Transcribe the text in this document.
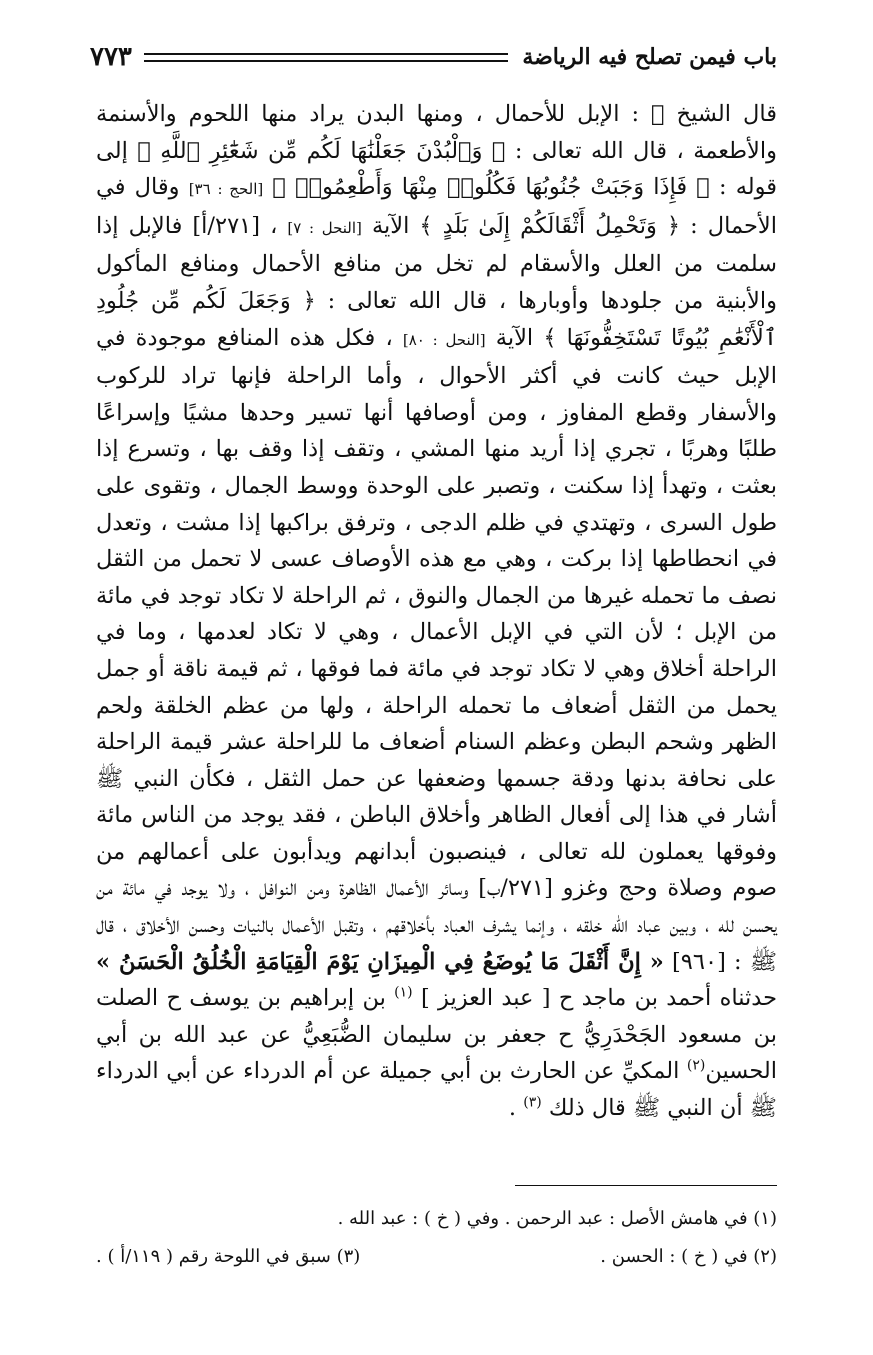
باب فيمن تصلح فيه الرياضة
٧٧٣

قال الشيخ ﷺ : الإبل للأحمال ، ومنها البدن يراد منها اللحوم والأسنمة والأطعمة ، قال الله تعالى : ﴿ وَٱلْبُدْنَ جَعَلْنَٰهَا لَكُم مِّن شَعَٰٓئِرِ ٱللَّهِ ﴾ إلى قوله : ﴿ فَإِذَا وَجَبَتْ جُنُوبُهَا فَكُلُوا۟ مِنْهَا وَأَطْعِمُوا۟ ﴾ [الحج : ٣٦] وقال في الأحمال : ﴿ وَتَحْمِلُ أَثْقَالَكُمْ إِلَىٰ بَلَدٍ ﴾ الآية [النحل : ٧] ، [٢٧١/أ] فالإبل إذا سلمت من العلل والأسقام لم تخل من منافع الأحمال ومنافع المأكول والأبنية من جلودها وأوبارها ، قال الله تعالى : ﴿ وَجَعَلَ لَكُم مِّن جُلُودِ ٱلْأَنْعَٰمِ بُيُوتًا تَسْتَخِفُّونَهَا ﴾ الآية [النحل : ٨٠] ، فكل هذه المنافع موجودة في الإبل حيث كانت في أكثر الأحوال ، وأما الراحلة فإنها تراد للركوب والأسفار وقطع المفاوز ، ومن أوصافها أنها تسير وحدها مشيًا وإسراعًا طلبًا وهربًا ، تجري إذا أريد منها المشي ، وتقف إذا وقف بها ، وتسرع إذا بعثت ، وتهدأ إذا سكنت ، وتصبر على الوحدة ووسط الجمال ، وتقوى على طول السرى ، وتهتدي في ظلم الدجى ، وترفق براكبها إذا مشت ، وتعدل في انحطاطها إذا بركت ، وهي مع هذه الأوصاف عسى لا تحمل من الثقل نصف ما تحمله غيرها من الجمال والنوق ، ثم الراحلة لا تكاد توجد في مائة من الإبل ؛ لأن التي في الإبل الأعمال ، وهي لا تكاد لعدمها ، وما في الراحلة أخلاق وهي لا تكاد توجد في مائة فما فوقها ، ثم قيمة ناقة أو جمل يحمل من الثقل أضعاف ما تحمله الراحلة ، ولها من عظم الخلقة ولحم الظهر وشحم البطن وعظم السنام أضعاف ما للراحلة عشر قيمة الراحلة على نحافة بدنها ودقة جسمها وضعفها عن حمل الثقل ، فكأن النبي ﷺ أشار في هذا إلى أفعال الظاهر وأخلاق الباطن ، فقد يوجد من الناس مائة وفوقها يعملون لله تعالى ، فينصبون أبدانهم ويدأبون على أعمالهم من صوم وصلاة وحج وغزو [٢٧١/ب] وسائر الأعمال الظاهرة ومن النوافل ، ولا يوجد في مائة من يحسن لله ، وبين عباد الله خلقه ، وإنما يشرف العباد بأخلاقهم ، وتقبل الأعمال بالنيات وحسن الأخلاق ، قال ﷺ : [٩٦٠] « إِنَّ أَثْقَلَ مَا يُوضَعُ فِي الْمِيزَانِ يَوْمَ الْقِيَامَةِ الْخُلُقُ الْحَسَنُ » حدثناه أحمد بن ماجد ح [ عبد العزيز ] $^{(١)}$ بن إبراهيم بن يوسف ح الصلت بن مسعود الجَحْدَرِيُّ ح جعفر بن سليمان الضُّبَعِيُّ عن عبد الله بن أبي الحسين$^{(٢)}$ المكيِّ عن الحارث بن أبي جميلة عن أم الدرداء عن أبي الدرداء ﷺ أن النبي ﷺ قال ذلك $^{(٣)}$ .

(١) في هامش الأصل : عبد الرحمن . وفي ( خ ) : عبد الله .
(٢) في ( خ ) : الحسن .
(٣) سبق في اللوحة رقم ( ١١٩/أ ) .
